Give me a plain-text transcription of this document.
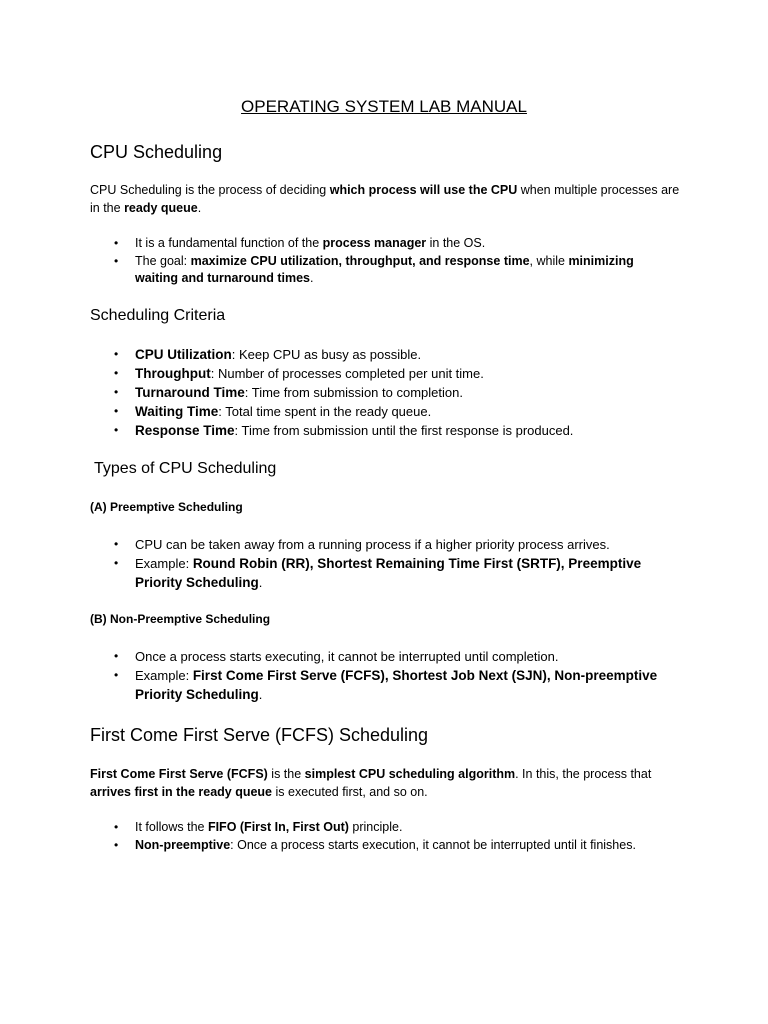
OPERATING SYSTEM LAB MANUAL
CPU Scheduling
CPU Scheduling is the process of deciding which process will use the CPU when multiple processes are in the ready queue.
• It is a fundamental function of the process manager in the OS.
• The goal: maximize CPU utilization, throughput, and response time, while minimizing waiting and turnaround times.
Scheduling Criteria
• CPU Utilization: Keep CPU as busy as possible.
• Throughput: Number of processes completed per unit time.
• Turnaround Time: Time from submission to completion.
• Waiting Time: Total time spent in the ready queue.
• Response Time: Time from submission until the first response is produced.
Types of CPU Scheduling
(A) Preemptive Scheduling
• CPU can be taken away from a running process if a higher priority process arrives.
• Example: Round Robin (RR), Shortest Remaining Time First (SRTF), Preemptive Priority Scheduling.
(B) Non-Preemptive Scheduling
• Once a process starts executing, it cannot be interrupted until completion.
• Example: First Come First Serve (FCFS), Shortest Job Next (SJN), Non-preemptive Priority Scheduling.
First Come First Serve (FCFS) Scheduling
First Come First Serve (FCFS) is the simplest CPU scheduling algorithm. In this, the process that arrives first in the ready queue is executed first, and so on.
• It follows the FIFO (First In, First Out) principle.
• Non-preemptive: Once a process starts execution, it cannot be interrupted until it finishes.
